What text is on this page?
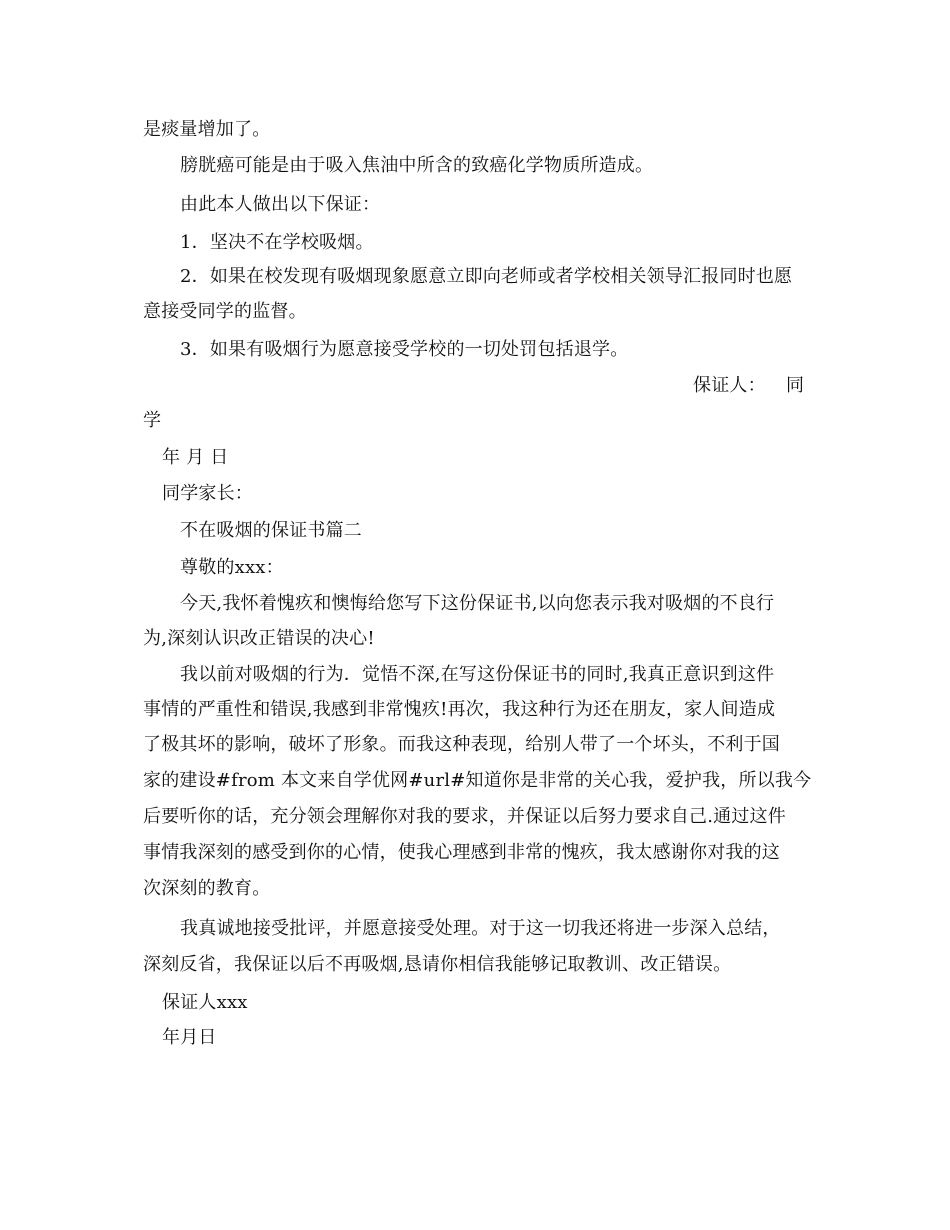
是痰量增加了。
膀胱癌可能是由于吸入焦油中所含的致癌化学物质所造成。
由此本人做出以下保证：
1．坚决不在学校吸烟。
2．如果在校发现有吸烟现象愿意立即向老师或者学校相关领导汇报同时也愿
意接受同学的监督。
3．如果有吸烟行为愿意接受学校的一切处罚包括退学。
保证人： 同
学
年 月 日
同学家长：
不在吸烟的保证书篇二
尊敬的xxx：
今天,我怀着愧疚和懊悔给您写下这份保证书,以向您表示我对吸烟的不良行
为,深刻认识改正错误的决心!
我以前对吸烟的行为．觉悟不深,在写这份保证书的同时,我真正意识到这件
事情的严重性和错误,我感到非常愧疚!再次，我这种行为还在朋友，家人间造成
了极其坏的影响，破坏了形象。而我这种表现，给别人带了一个坏头，不利于国
家的建设#from 本文来自学优网#url#知道你是非常的关心我，爱护我，所以我今
后要听你的话，充分领会理解你对我的要求，并保证以后努力要求自己.通过这件
事情我深刻的感受到你的心情，使我心理感到非常的愧疚，我太感谢你对我的这
次深刻的教育。
我真诚地接受批评，并愿意接受处理。对于这一切我还将进一步深入总结，
深刻反省，我保证以后不再吸烟,恳请你相信我能够记取教训、改正错误。
保证人xxx
年月日
